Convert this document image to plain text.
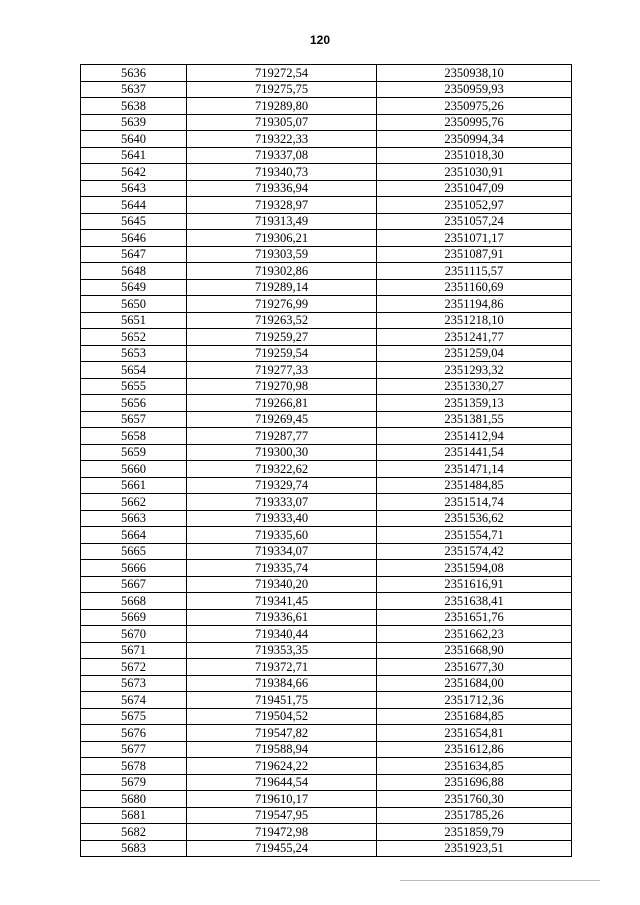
120
5636	719272,54	2350938,10
5637	719275,75	2350959,93
5638	719289,80	2350975,26
5639	719305,07	2350995,76
5640	719322,33	2350994,34
5641	719337,08	2351018,30
5642	719340,73	2351030,91
5643	719336,94	2351047,09
5644	719328,97	2351052,97
5645	719313,49	2351057,24
5646	719306,21	2351071,17
5647	719303,59	2351087,91
5648	719302,86	2351115,57
5649	719289,14	2351160,69
5650	719276,99	2351194,86
5651	719263,52	2351218,10
5652	719259,27	2351241,77
5653	719259,54	2351259,04
5654	719277,33	2351293,32
5655	719270,98	2351330,27
5656	719266,81	2351359,13
5657	719269,45	2351381,55
5658	719287,77	2351412,94
5659	719300,30	2351441,54
5660	719322,62	2351471,14
5661	719329,74	2351484,85
5662	719333,07	2351514,74
5663	719333,40	2351536,62
5664	719335,60	2351554,71
5665	719334,07	2351574,42
5666	719335,74	2351594,08
5667	719340,20	2351616,91
5668	719341,45	2351638,41
5669	719336,61	2351651,76
5670	719340,44	2351662,23
5671	719353,35	2351668,90
5672	719372,71	2351677,30
5673	719384,66	2351684,00
5674	719451,75	2351712,36
5675	719504,52	2351684,85
5676	719547,82	2351654,81
5677	719588,94	2351612,86
5678	719624,22	2351634,85
5679	719644,54	2351696,88
5680	719610,17	2351760,30
5681	719547,95	2351785,26
5682	719472,98	2351859,79
5683	719455,24	2351923,51
